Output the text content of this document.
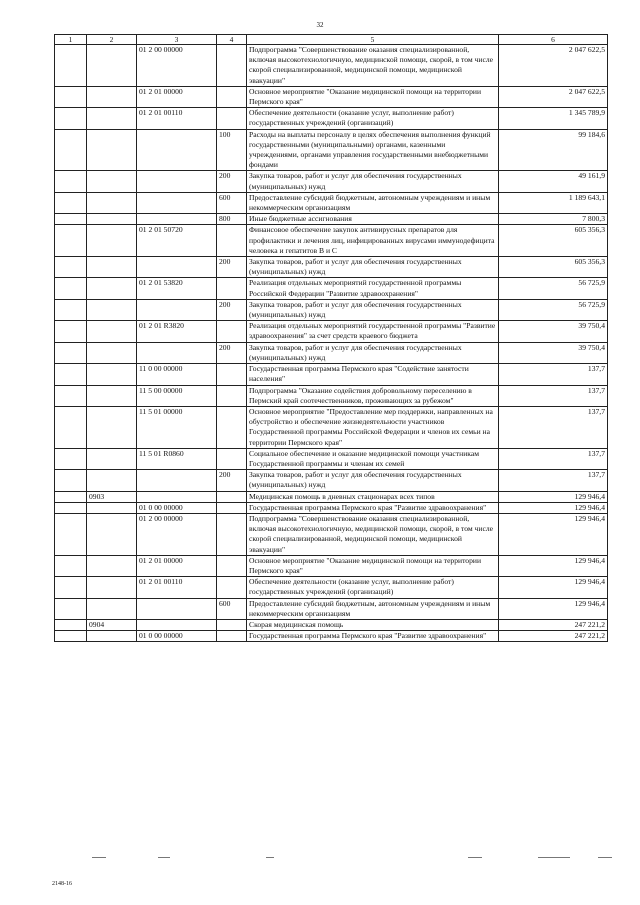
32
1	2	3	4	5	6
		01 2 00 00000		Подпрограмма "Совершенствование оказания специализированной, включая высокотехнологичную, медицинской помощи, скорой, в том числе скорой специализированной, медицинской помощи, медицинской эвакуации"	2 047 622,5
		01 2 01 00000		Основное мероприятие "Оказание медицинской помощи на территории Пермского края"	2 047 622,5
		01 2 01 00110		Обеспечение деятельности (оказание услуг, выполнение работ) государственных учреждений (организаций)	1 345 789,9
			100	Расходы на выплаты персоналу в целях обеспечения выполнения функций государственными (муниципальными) органами, казенными учреждениями, органами управления государственными внебюджетными фондами	99 184,6
			200	Закупка товаров, работ и услуг для обеспечения государственных (муниципальных) нужд	49 161,9
			600	Предоставление субсидий бюджетным, автономным учреждениям и иным некоммерческим организациям	1 189 643,1
			800	Иные бюджетные ассигнования	7 800,3
		01 2 01 50720		Финансовое обеспечение закупок антивирусных препаратов для профилактики и лечения лиц, инфицированных вирусами иммунодефицита человека и гепатитов В и С	605 356,3
			200	Закупка товаров, работ и услуг для обеспечения государственных (муниципальных) нужд	605 356,3
		01 2 01 53820		Реализация отдельных мероприятий государственной программы Российской Федерации "Развитие здравоохранения"	56 725,9
			200	Закупка товаров, работ и услуг для обеспечения государственных (муниципальных) нужд	56 725,9
		01 2 01 R3820		Реализация отдельных мероприятий государственной программы "Развитие здравоохранения" за счет средств краевого бюджета	39 750,4
			200	Закупка товаров, работ и услуг для обеспечения государственных (муниципальных) нужд	39 750,4
		11 0 00 00000		Государственная программа Пермского края "Содействие занятости населения"	137,7
		11 5 00 00000		Подпрограмма "Оказание содействия добровольному переселению в Пермский край соотечественников, проживающих за рубежом"	137,7
		11 5 01 00000		Основное мероприятие "Предоставление мер поддержки, направленных на обустройство и обеспечение жизнедеятельности участников Государственной программы Российской Федерации и членов их семьи на территории Пермского края"	137,7
		11 5 01 R0860		Социальное обеспечение и оказание медицинской помощи участникам Государственной программы и членам их семей	137,7
			200	Закупка товаров, работ и услуг для обеспечения государственных (муниципальных) нужд	137,7
	0903			Медицинская помощь в дневных стационарах всех типов	129 946,4
		01 0 00 00000		Государственная программа Пермского края "Развитие здравоохранения"	129 946,4
		01 2 00 00000		Подпрограмма "Совершенствование оказания специализированной, включая высокотехнологичную, медицинской помощи, скорой, в том числе скорой специализированной, медицинской помощи, медицинской эвакуации"	129 946,4
		01 2 01 00000		Основное мероприятие "Оказание медицинской помощи на территории Пермского края"	129 946,4
		01 2 01 00110		Обеспечение деятельности (оказание услуг, выполнение работ) государственных учреждений (организаций)	129 946,4
			600	Предоставление субсидий бюджетным, автономным учреждениям и иным некоммерческим организациям	129 946,4
	0904			Скорая медицинская помощь	247 221,2
		01 0 00 00000		Государственная программа Пермского края "Развитие здравоохранения"	247 221,2
2148-16
